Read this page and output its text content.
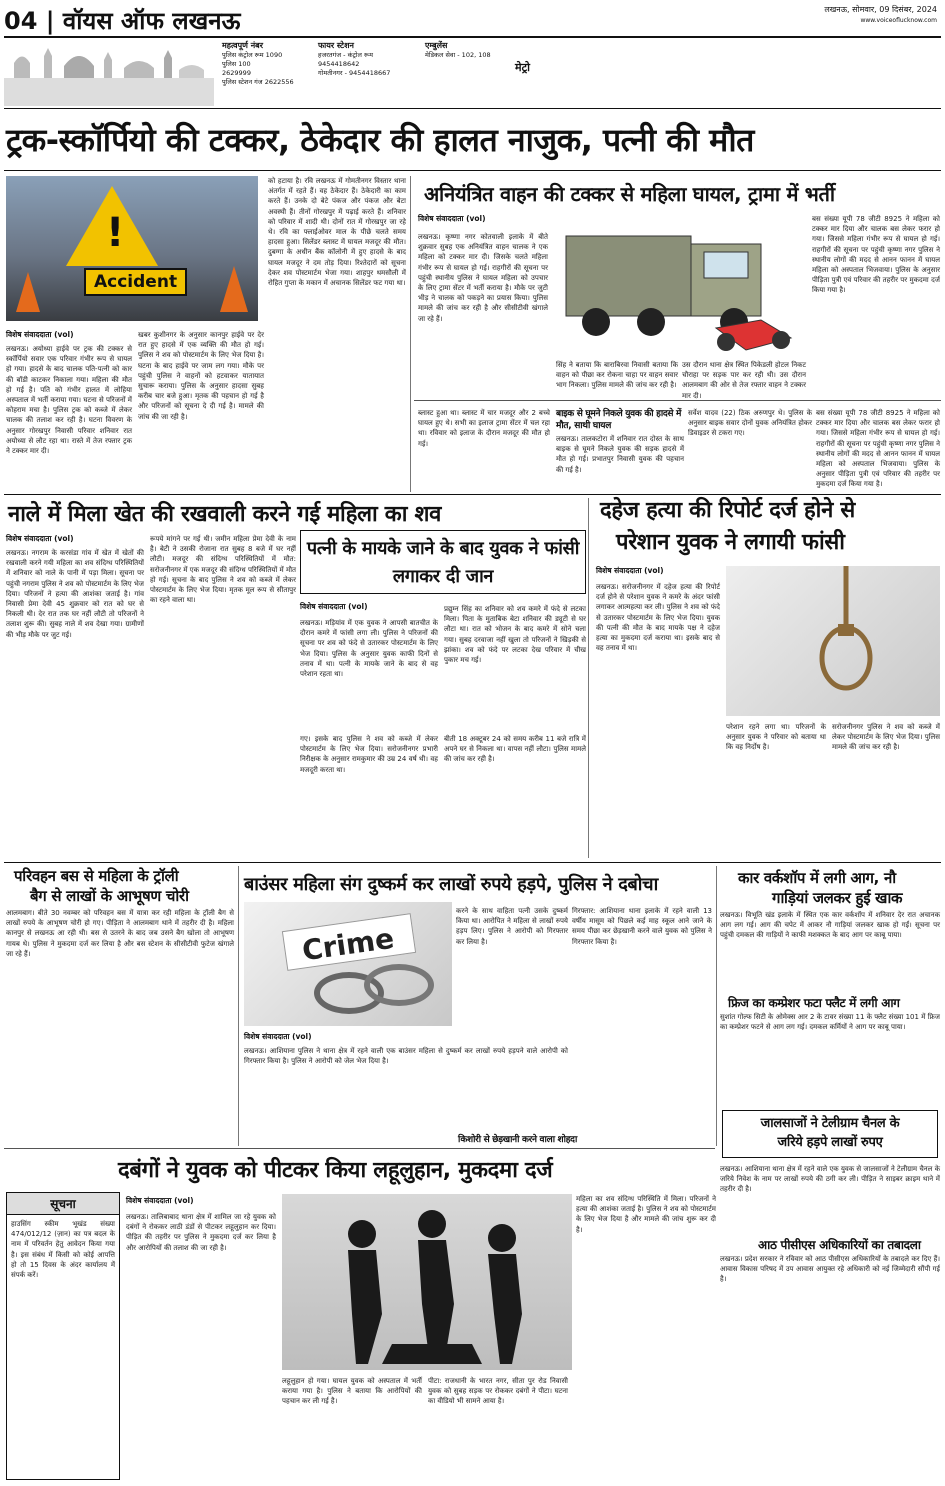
04 | वॉयस ऑफ लखनऊ	लखनऊ, सोमवार, 09 दिसंबर, 2024
www.voiceoflucknow.com
महत्वपूर्ण नंबर
पुलिस कंट्रोल रूम 1090
पुलिस 100
2629999
पुलिस स्टेशन गंज 2622556
फायर स्टेशन
हजरतगंज - कंट्रोल रूम
9454418642
गोमतीनगर - 9454418667
एम्बुलेंस
मेडिकल सेवा - 102, 108
मेट्रो
ट्रक-स्कॉर्पियो की टक्कर, ठेकेदार की हालत नाजुक, पत्नी की मौत
!
Accident
विशेष संवाददाता (vol)
लखनऊ। अयोध्या हाईवे पर ट्रक की टक्कर से स्कॉर्पियो सवार एक परिवार गंभीर रूप से घायल हो गया। हादसे के बाद चालक पति-पत्नी को कार की बॉडी काटकर निकाला गया। महिला की मौत हो गई है। पति को गंभीर हालत में लोहिया अस्पताल में भर्ती कराया गया। घटना से परिजनों में कोहराम मचा है। पुलिस ट्रक को कब्जे में लेकर चालक की तलाश कर रही है। घटना विवरण के अनुसार गोरखपुर निवासी परिवार शनिवार रात अयोध्या से लौट रहा था। रास्ते में तेज रफ्तार ट्रक ने टक्कर मार दी।
खबर कुशीनगर के अनुसार कानपुर हाईवे पर देर रात हुए हादसे में एक व्यक्ति की मौत हो गई। पुलिस ने शव को पोस्टमार्टम के लिए भेज दिया है। घटना के बाद हाईवे पर जाम लग गया। मौके पर पहुंची पुलिस ने वाहनों को हटवाकर यातायात सुचारू कराया। पुलिस के अनुसार हादसा सुबह करीब चार बजे हुआ। मृतक की पहचान हो गई है और परिजनों को सूचना दे दी गई है। मामले की जांच की जा रही है।
को हटाया है। रवि लखनऊ में गोमतीनगर विस्तार थाना अंतर्गत में रहते हैं। वह ठेकेदार हैं। ठेकेदारी का काम करते हैं। उनके दो बेटे पंकज और पंकज और बेटा अवस्थी हैं। तीनों गोरखपुर में पढ़ाई करते हैं। शनिवार को परिवार में शादी थी। दोनों रात में गोरखपुर जा रहे थे। रवि का फ्लाईओवर माल के पीछे चलते समय हादसा हुआ। सिलेंडर ब्लास्ट में घायल मजदूर की मौत। दुबग्गा के अधीन बैंक कॉलोनी में हुए हादसे के बाद घायल मजदूर ने दम तोड़ दिया। रिश्तेदारों को सूचना देकर शव पोस्टमार्टम भेजा गया। शाहपुर थमसौली में रोहित गुप्ता के मकान में अचानक सिलेंडर फट गया था।
अनियंत्रित वाहन की टक्कर से महिला घायल, ट्रामा में भर्ती
विशेष संवाददाता (vol)
लखनऊ। कृष्णा नगर कोतवाली इलाके में बीते शुक्रवार सुबह एक अनियंत्रित वाहन चालक ने एक महिला को टक्कर मार दी। जिसके चलते महिला गंभीर रूप से घायल हो गई। राहगीरों की सूचना पर पहुंची स्थानीय पुलिस ने घायल महिला को उपचार के लिए ट्रामा सेंटर में भर्ती कराया है। मौके पर जुटी भीड़ ने चालक को पकड़ने का प्रयास किया। पुलिस मामले की जांच कर रही है और सीसीटीवी खंगाले जा रहे हैं।
सिंह ने बताया कि बाराबिरवा निवासी बताया कि वाहन को पीछा कर रोकना चाहा पर वाहन सवार भाग निकला। पुलिस मामले की जांच कर रही है।
उस दौरान थाना क्षेत्र स्थित पिकेडली होटल निकट चौराहा पर सड़क पार कर रही थी। उस दौरान आलमबाग की ओर से तेज रफ्तार वाहन ने टक्कर मार दी।
बस संख्या यूपी 78 जीटी 8925 ने महिला को टक्कर मार दिया और चालक बस लेकर फरार हो गया। जिससे महिला गंभीर रूप से घायल हो गई। राहगीरों की सूचना पर पहुंची कृष्णा नगर पुलिस ने स्थानीय लोगों की मदद से आनन फानन में घायल महिला को अस्पताल भिजवाया। पुलिस के अनुसार पीड़िता पुत्री एवं परिवार की तहरीर पर मुकदमा दर्ज किया गया है।
ब्लास्ट हुआ था। ब्लास्ट में चार मजदूर और 2 बच्चे घायल हुए थे। सभी का इलाज ट्रामा सेंटर में चल रहा था। रविवार को इलाज के दौरान मजदूर की मौत हो गई।
बाइक से घूमने निकले युवक की हादसे में मौत, साथी घायल
लखनऊ। तालकटोरा में शनिवार रात दोस्त के साथ बाइक से घूमने निकले युवक की सड़क हादसे में मौत हो गई। प्रभातपुर निवासी युवक की पहचान की गई है।
सर्वेश यादव (22) ठिक अरुणपुर थे। पुलिस के अनुसार बाइक सवार दोनों युवक अनियंत्रित होकर डिवाइडर से टकरा गए।
बस संख्या यूपी 78 जीटी 8925 ने महिला को टक्कर मार दिया और चालक बस लेकर फरार हो गया। जिससे महिला गंभीर रूप से घायल हो गई। राहगीरों की सूचना पर पहुंची कृष्णा नगर पुलिस ने स्थानीय लोगों की मदद से आनन फानन में घायल महिला को अस्पताल भिजवाया। पुलिस के अनुसार पीड़िता पुत्री एवं परिवार की तहरीर पर मुकदमा दर्ज किया गया है।
नाले में मिला खेत की रखवाली करने गई महिला का शव
विशेष संवाददाता (vol)
लखनऊ। नगराम के करसंडा गांव में खेत में खेतों की रखवाली करने गयी महिला का शव संदिग्ध परिस्थितियों में शनिवार को नाले के पानी में पड़ा मिला। सूचना पर पहुंची नगराम पुलिस ने शव को पोस्टमार्टम के लिए भेज दिया। परिजनों ने हत्या की आशंका जताई है। गांव निवासी प्रेमा देवी 45 शुक्रवार को रात को घर से निकली थी। देर रात तक घर नहीं लौटी तो परिजनों ने तलाश शुरू की। सुबह नाले में शव देखा गया। ग्रामीणों की भीड़ मौके पर जुट गई।
रूपये मांगने पर गई थी। जमीन महिला प्रेमा देवी के नाम है। बेटी ने उसकी रोजाना रात सुबह 8 बजे में घर नहीं लौटी। मजदूर की संदिग्ध परिस्थितियों में मौत: सरोजनीनगर में एक मजदूर की संदिग्ध परिस्थितियों में मौत हो गई। सूचना के बाद पुलिस ने शव को कब्जे में लेकर पोस्टमार्टम के लिए भेज दिया। मृतक मूल रूप से सीतापुर का रहने वाला था।
पत्नी के मायके जाने के बाद युवक ने फांसी लगाकर दी जान
विशेष संवाददाता (vol)
लखनऊ। मड़ियांव में एक युवक ने आपसी बातचीत के दौरान कमरे में फांसी लगा ली। पुलिस ने परिजनों की सूचना पर शव को फंदे से उतारकर पोस्टमार्टम के लिए भेज दिया। पुलिस के अनुसार युवक काफी दिनों से तनाव में था। पत्नी के मायके जाने के बाद से वह परेशान रहता था।
प्रद्युम्न सिंह का शनिवार को शव कमरे में फंदे से लटका मिला। पिता के मुताबिक बेटा शनिवार की ड्यूटी से घर लौटा था। रात को भोजन के बाद कमरे में सोने चला गया। सुबह दरवाजा नहीं खुला तो परिजनों ने खिड़की से झांका। शव को फंदे पर लटका देख परिवार में चीख पुकार मच गई।
गए। इसके बाद पुलिस ने शव को कब्जे में लेकर पोस्टमार्टम के लिए भेज दिया। सरोजनीनगर प्रभारी निरीक्षक के अनुसार रामकुमार की उम्र 24 वर्ष थी। वह मजदूरी करता था।
बीती 18 अक्टूबर 24 को समय करीब 11 बजे रात्रि में अपने घर से निकला था। वापस नहीं लौटा। पुलिस मामले की जांच कर रही है।
दहेज हत्या की रिपोर्ट दर्ज होने से
परेशान युवक ने लगायी फांसी
विशेष संवाददाता (vol)
लखनऊ। सरोजनीनगर में दहेज हत्या की रिपोर्ट दर्ज होने से परेशान युवक ने कमरे के अंदर फांसी लगाकर आत्महत्या कर ली। पुलिस ने शव को फंदे से उतारकर पोस्टमार्टम के लिए भेज दिया। युवक की पत्नी की मौत के बाद मायके पक्ष ने दहेज हत्या का मुकदमा दर्ज कराया था। इसके बाद से वह तनाव में था।
परेशान रहने लगा था। परिजनों के अनुसार युवक ने परिवार को बताया था कि वह निर्दोष है।
सरोजनीनगर पुलिस ने शव को कब्जे में लेकर पोस्टमार्टम के लिए भेज दिया। पुलिस मामले की जांच कर रही है।
परिवहन बस से महिला के ट्रॉली
बैग से लाखों के आभूषण चोरी
आलमबाग। बीते 30 नवम्बर को परिवहन बस में यात्रा कर रही महिला के ट्रॉली बैग से लाखों रुपये के आभूषण चोरी हो गए। पीड़िता ने आलमबाग थाने में तहरीर दी है। महिला कानपुर से लखनऊ आ रही थी। बस से उतरने के बाद जब उसने बैग खोला तो आभूषण गायब थे। पुलिस ने मुकदमा दर्ज कर लिया है और बस स्टेशन के सीसीटीवी फुटेज खंगाले जा रहे हैं।
बाउंसर महिला संग दुष्कर्म कर लाखों रुपये हड़पे, पुलिस ने दबोचा
Crime
करने के साथ वाहिता पत्नी उसके दुष्कर्म किया था। आरोपित ने महिला से लाखों रुपये हड़प लिए। पुलिस ने आरोपी को गिरफ्तार कर लिया है।
विशेष संवाददाता (vol)
लखनऊ। आशियाना पुलिस ने थाना क्षेत्र में रहने वाली एक बाउंसर महिला से दुष्कर्म कर लाखों रुपये हड़पने वाले आरोपी को गिरफ्तार किया है। पुलिस ने आरोपी को जेल भेज दिया है।
गिरफ्तार: आशियाना थाना इलाके में रहने वाली 13 वर्षीय मासूम को पिछले कई माह स्कूल आने जाने के समय पीछा कर छेड़खानी करने वाले युवक को पुलिस ने गिरफ्तार किया है।
किशोरी से छेड़खानी करने वाला शोहदा
कार वर्कशॉप में लगी आग, नौ
गाड़ियां जलकर हुई खाक
लखनऊ। विभूति खंड इलाके में स्थित एक कार वर्कशॉप में शनिवार देर रात अचानक आग लग गई। आग की चपेट में आकर नौ गाड़ियां जलकर खाक हो गईं। सूचना पर पहुंची दमकल की गाड़ियों ने काफी मशक्कत के बाद आग पर काबू पाया।
फ्रिज का कम्प्रेशर फटा फ्लैट में लगी आग
सुशांत गोल्फ सिटी के ओमेक्स आर 2 के टावर संख्या 11 के फ्लैट संख्या 101 में फ्रिज का कम्प्रेशर फटने से आग लग गई। दमकल कर्मियों ने आग पर काबू पाया।
जालसाजों ने टेलीग्राम चैनल के
जरिये हड़पे लाखों रुपए
लखनऊ। आशियाना थाना क्षेत्र में रहने वाले एक युवक से जालसाजों ने टेलीग्राम चैनल के जरिये निवेश के नाम पर लाखों रुपये की ठगी कर ली। पीड़ित ने साइबर क्राइम थाने में तहरीर दी है।
आठ पीसीएस अधिकारियों का तबादला
लखनऊ। प्रदेश सरकार ने रविवार को आठ पीसीएस अधिकारियों के तबादले कर दिए हैं। आवास विकास परिषद में उप आवास आयुक्त रहे अधिकारी को नई जिम्मेदारी सौंपी गई है।
दबंगों ने युवक को पीटकर किया लहूलुहान, मुकदमा दर्ज
विशेष संवाददाता (vol)
लखनऊ। तालिबाबाद थाना क्षेत्र में शामिल जा रहे युवक को दबंगों ने रोककर लाठी डंडों से पीटकर लहूलुहान कर दिया। पीड़ित की तहरीर पर पुलिस ने मुकदमा दर्ज कर लिया है और आरोपियों की तलाश की जा रही है।
लहूलुहान हो गया। घायल युवक को अस्पताल में भर्ती कराया गया है। पुलिस ने बताया कि आरोपियों की पहचान कर ली गई है।
पीटा: राजधानी के भारत नगर, सीता पुर रोड निवासी युवक को सुबह सड़क पर रोककर दबंगों ने पीटा। घटना का वीडियो भी सामने आया है।
महिला का शव संदिग्ध परिस्थिति में मिला। परिजनों ने हत्या की आशंका जताई है। पुलिस ने शव को पोस्टमार्टम के लिए भेज दिया है और मामले की जांच शुरू कर दी है।
सूचना
हाउसिंग स्कीम भूखंड संख्या 474/012/12 (ज़ान) का पत्र बदल के नाम में परिवर्तन हेतु आवेदन किया गया है। इस संबंध में किसी को कोई आपत्ति हो तो 15 दिवस के अंदर कार्यालय में संपर्क करें।
